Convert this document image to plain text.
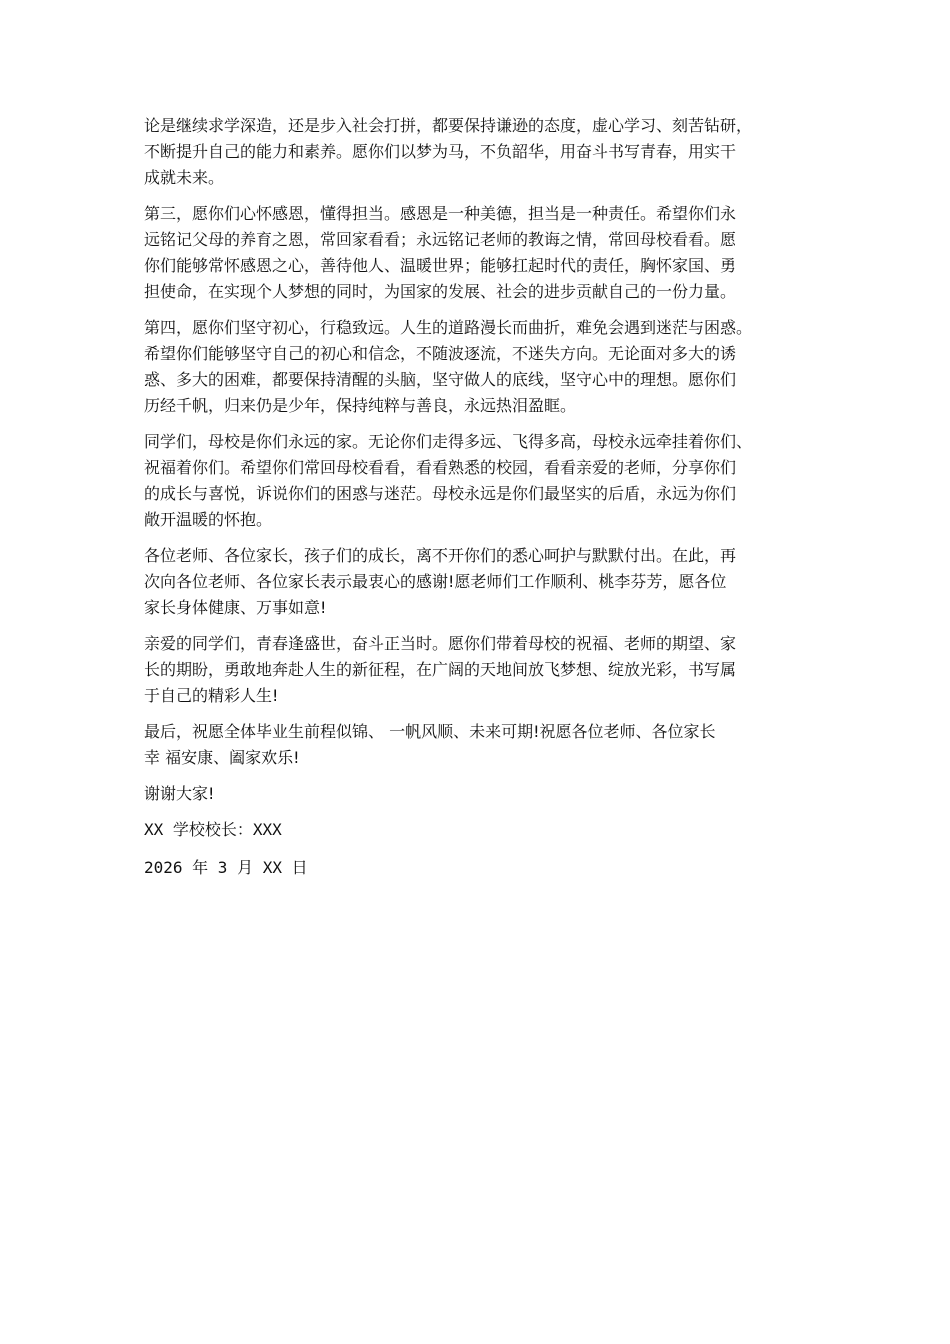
论是继续求学深造，还是步入社会打拼，都要保持谦逊的态度，虚心学习、刻苦钻研，
不断提升自己的能力和素养。愿你们以梦为马，不负韶华，用奋斗书写青春，用实干
成就未来。

第三，愿你们心怀感恩，懂得担当。感恩是一种美德，担当是一种责任。希望你们永
远铭记父母的养育之恩，常回家看看；永远铭记老师的教诲之情，常回母校看看。愿
你们能够常怀感恩之心，善待他人、温暖世界；能够扛起时代的责任，胸怀家国、勇
担使命，在实现个人梦想的同时，为国家的发展、社会的进步贡献自己的一份力量。

第四，愿你们坚守初心，行稳致远。人生的道路漫长而曲折，难免会遇到迷茫与困惑。
希望你们能够坚守自己的初心和信念，不随波逐流，不迷失方向。无论面对多大的诱
惑、多大的困难，都要保持清醒的头脑，坚守做人的底线，坚守心中的理想。愿你们
历经千帆，归来仍是少年，保持纯粹与善良，永远热泪盈眶。

同学们，母校是你们永远的家。无论你们走得多远、飞得多高，母校永远牵挂着你们、
祝福着你们。希望你们常回母校看看，看看熟悉的校园，看看亲爱的老师，分享你们
的成长与喜悦，诉说你们的困惑与迷茫。母校永远是你们最坚实的后盾，永远为你们
敞开温暖的怀抱。

各位老师、各位家长，孩子们的成长，离不开你们的悉心呵护与默默付出。在此，再
次向各位老师、各位家长表示最衷心的感谢!愿老师们工作顺利、桃李芬芳，愿各位
家长身体健康、万事如意!

亲爱的同学们，青春逢盛世，奋斗正当时。愿你们带着母校的祝福、老师的期望、家
长的期盼，勇敢地奔赴人生的新征程，在广阔的天地间放飞梦想、绽放光彩，书写属
于自己的精彩人生!

最后，祝愿全体毕业生前程似锦、 一帆风顺、未来可期!祝愿各位老师、各位家长
幸 福安康、阖家欢乐!

谢谢大家!

XX 学校校长：XXX

2026 年 3 月 XX 日
